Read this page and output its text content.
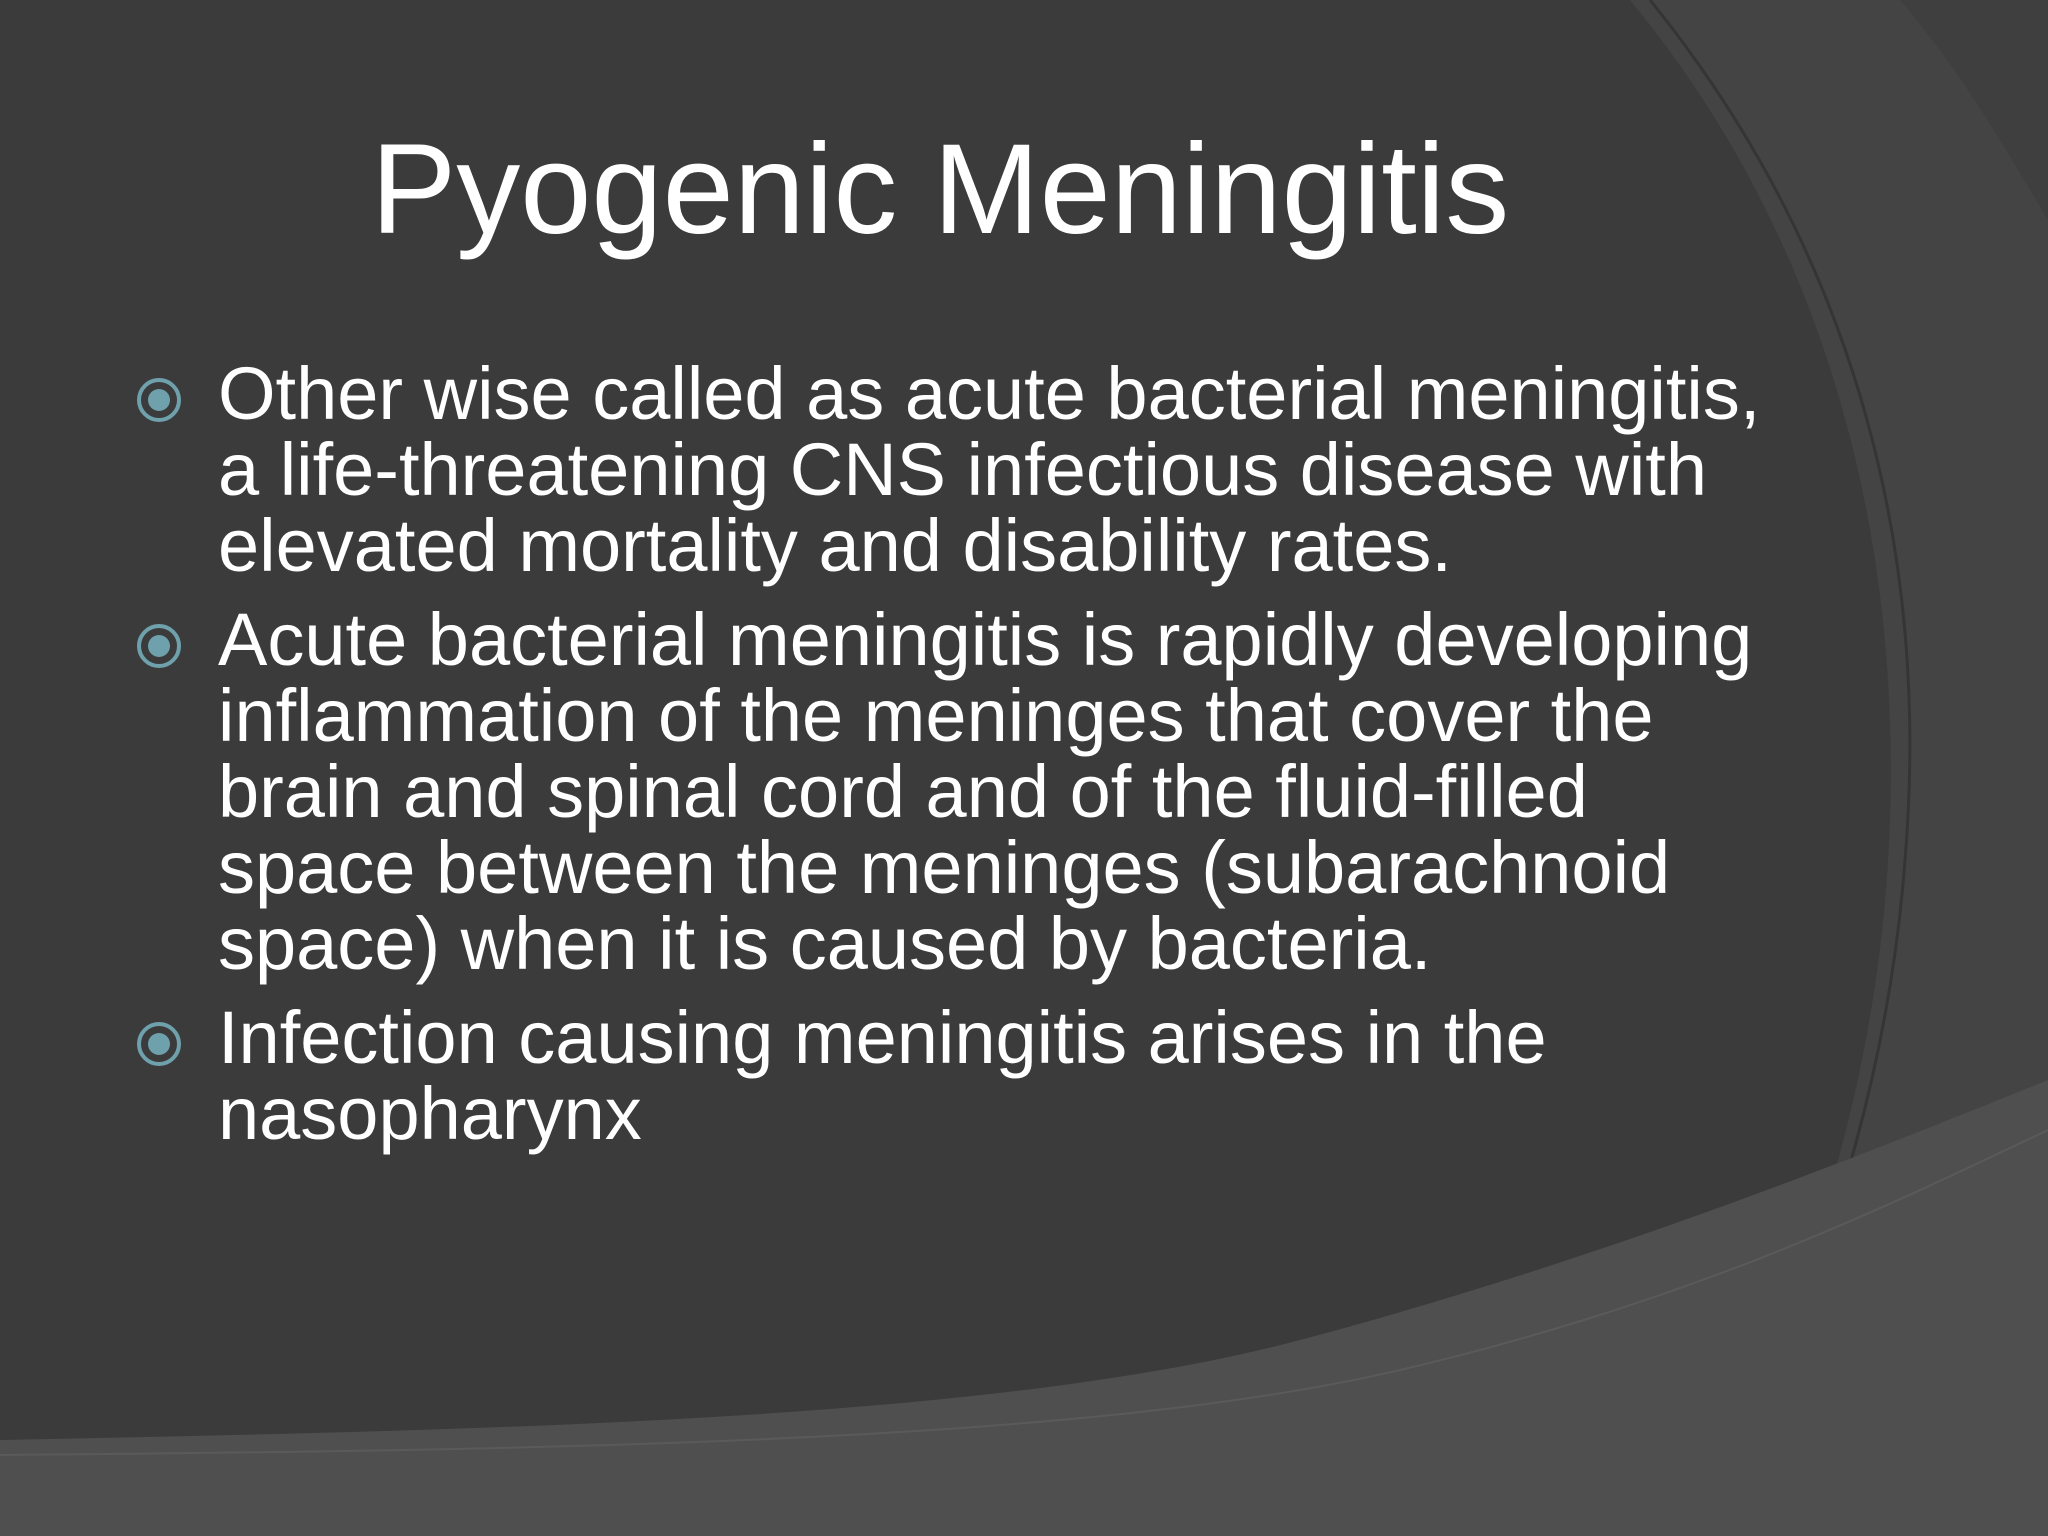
Pyogenic Meningitis
Other wise called as acute bacterial meningitis, a life-threatening CNS infectious disease with elevated mortality and disability rates.
Acute bacterial meningitis is rapidly developing inflammation of the meninges that cover the brain and spinal cord and of the fluid-filled space between the meninges (subarachnoid space) when it is caused by bacteria.
Infection causing meningitis arises in the nasopharynx
